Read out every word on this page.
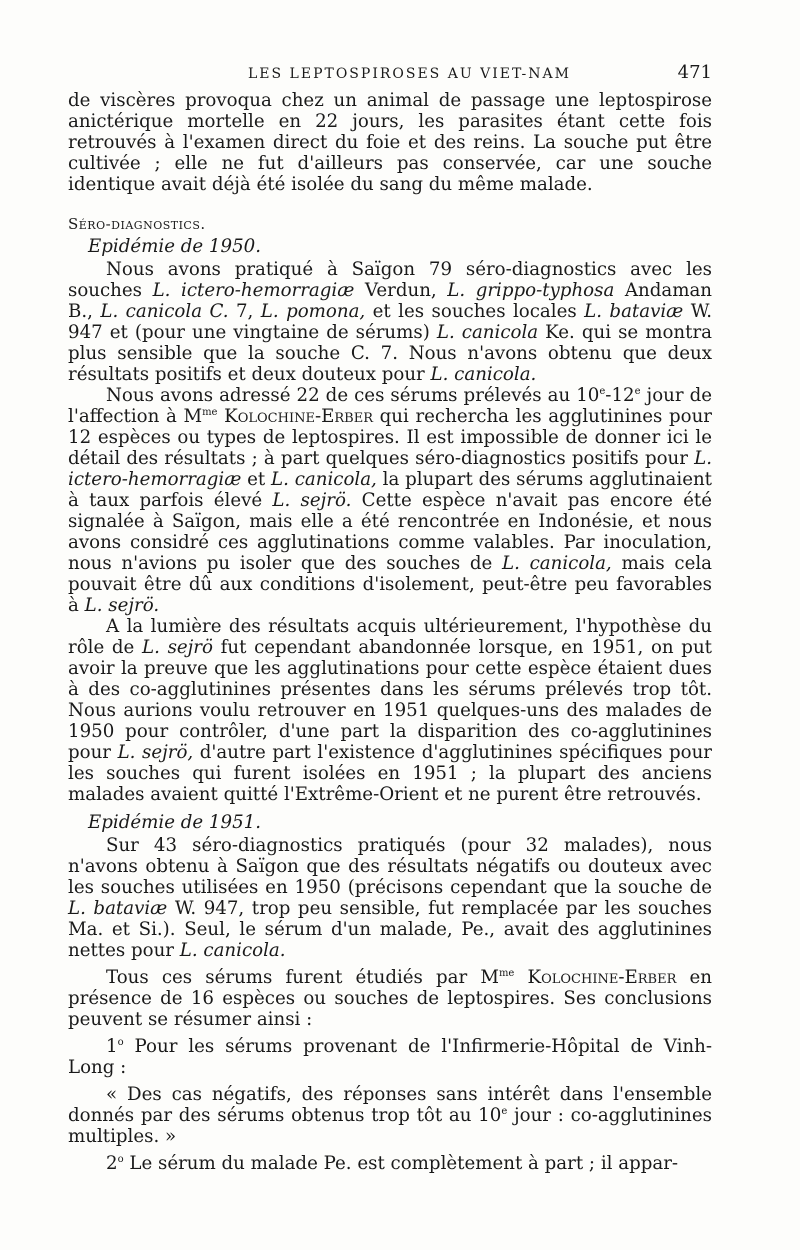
LES LEPTOSPIROSES AU VIET-NAM	471

de viscères provoqua chez un animal de passage une leptospirose anictérique mortelle en 22 jours, les parasites étant cette fois retrouvés à l'examen direct du foie et des reins. La souche put être cultivée ; elle ne fut d'ailleurs pas conservée, car une souche identique avait déjà été isolée du sang du même malade.

Séro-diagnostics.

Epidémie de 1950.

Nous avons pratiqué à Saïgon 79 séro-diagnostics avec les souches L. ictero-hemorragiæ Verdun, L. grippo-typhosa Andaman B., L. canicola C. 7, L. pomona, et les souches locales L. bataviæ W. 947 et (pour une vingtaine de sérums) L. canicola Ke. qui se montra plus sensible que la souche C. 7. Nous n'avons obtenu que deux résultats positifs et deux douteux pour L. canicola.

Nous avons adressé 22 de ces sérums prélevés au 10e-12e jour de l'affection à $M^{me}$ Kolochine-Erber qui rechercha les agglutinines pour 12 espèces ou types de leptospires. Il est impossible de donner ici le détail des résultats ; à part quelques séro-diagnostics positifs pour L. ictero-hemorragiæ et L. canicola, la plupart des sérums agglutinaient à taux parfois élevé L. sejrö. Cette espèce n'avait pas encore été signalée à Saïgon, mais elle a été rencontrée en Indonésie, et nous avons considré ces agglutinations comme valables. Par inoculation, nous n'avions pu isoler que des souches de L. canicola, mais cela pouvait être dû aux conditions d'isolement, peut-être peu favorables à L. sejrö.

A la lumière des résultats acquis ultérieurement, l'hypothèse du rôle de L. sejrö fut cependant abandonnée lorsque, en 1951, on put avoir la preuve que les agglutinations pour cette espèce étaient dues à des co-agglutinines présentes dans les sérums prélevés trop tôt. Nous aurions voulu retrouver en 1951 quelques-uns des malades de 1950 pour contrôler, d'une part la disparition des co-agglutinines pour L. sejrö, d'autre part l'existence d'agglutinines spécifiques pour les souches qui furent isolées en 1951 ; la plupart des anciens malades avaient quitté l'Extrême-Orient et ne purent être retrouvés.

Epidémie de 1951.

Sur 43 séro-diagnostics pratiqués (pour 32 malades), nous n'avons obtenu à Saïgon que des résultats négatifs ou douteux avec les souches utilisées en 1950 (précisons cependant que la souche de L. bataviæ W. 947, trop peu sensible, fut remplacée par les souches Ma. et Si.). Seul, le sérum d'un malade, Pe., avait des agglutinines nettes pour L. canicola.

Tous ces sérums furent étudiés par $M^{me}$ Kolochine-Erber en présence de 16 espèces ou souches de leptospires. Ses conclusions peuvent se résumer ainsi :

1$^o$ Pour les sérums provenant de l'Infirmerie-Hôpital de Vinh-Long :

« Des cas négatifs, des réponses sans intérêt dans l'ensemble donnés par des sérums obtenus trop tôt au 10e jour : co-agglutinines multiples. »

2$^o$ Le sérum du malade Pe. est complètement à part ; il appar-
